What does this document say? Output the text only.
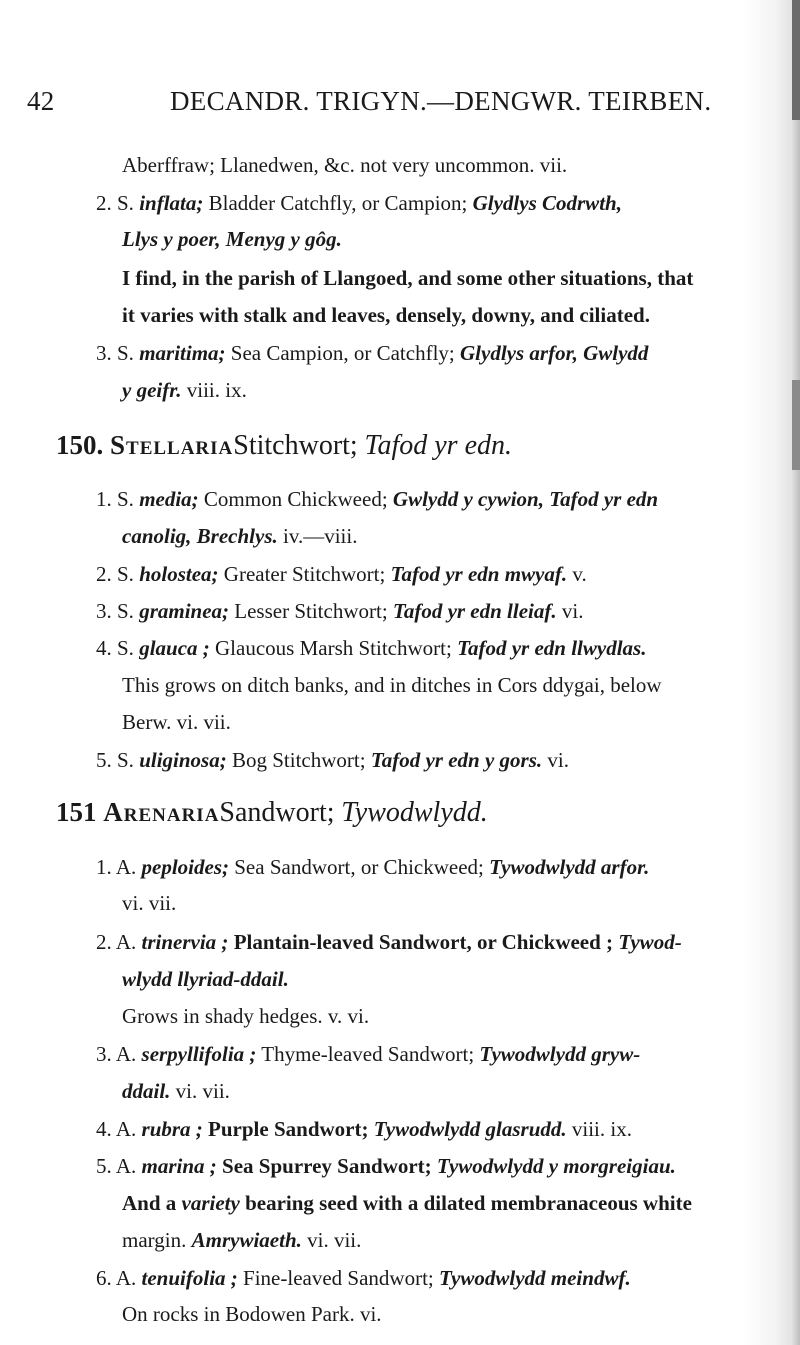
42	DECANDR. TRIGYN.—DENGWR. TEIRBEN.
Aberffraw; Llanedwen, &c. not very uncommon. vii.
2. S. inflata; Bladder Catchfly, or Campion; Glydlys Codrwth,
Llys y poer, Menyg y gôg.
I find, in the parish of Llangoed, and some other situations, that
it varies with stalk and leaves, densely, downy, and ciliated.
3. S. maritima; Sea Campion, or Catchfly; Glydlys arfor, Gwlydd
y geifr. viii. ix.
150. StellariaStitchwort; Tafod yr edn.
1. S. media; Common Chickweed; Gwlydd y cywion, Tafod yr edn
canolig, Brechlys. iv.—viii.
2. S. holostea; Greater Stitchwort; Tafod yr edn mwyaf. v.
3. S. graminea; Lesser Stitchwort; Tafod yr edn lleiaf. vi.
4. S. glauca ; Glaucous Marsh Stitchwort; Tafod yr edn llwydlas.
This grows on ditch banks, and in ditches in Cors ddygai, below
Berw. vi. vii.
5. S. uliginosa; Bog Stitchwort; Tafod yr edn y gors. vi.
151 ArenariaSandwort; Tywodwlydd.
1. A. peploides; Sea Sandwort, or Chickweed; Tywodwlydd arfor.
vi. vii.
2. A. trinervia ; Plantain-leaved Sandwort, or Chickweed ; Tywod-
wlydd llyriad-ddail.
Grows in shady hedges. v. vi.
3. A. serpyllifolia ; Thyme-leaved Sandwort; Tywodwlydd gryw-
ddail. vi. vii.
4. A. rubra ; Purple Sandwort; Tywodwlydd glasrudd. viii. ix.
5. A. marina ; Sea Spurrey Sandwort; Tywodwlydd y morgreigiau.
And a variety bearing seed with a dilated membranaceous white
margin. Amrywiaeth. vi. vii.
6. A. tenuifolia ; Fine-leaved Sandwort; Tywodwlydd meindwf.
On rocks in Bodowen Park. vi.
